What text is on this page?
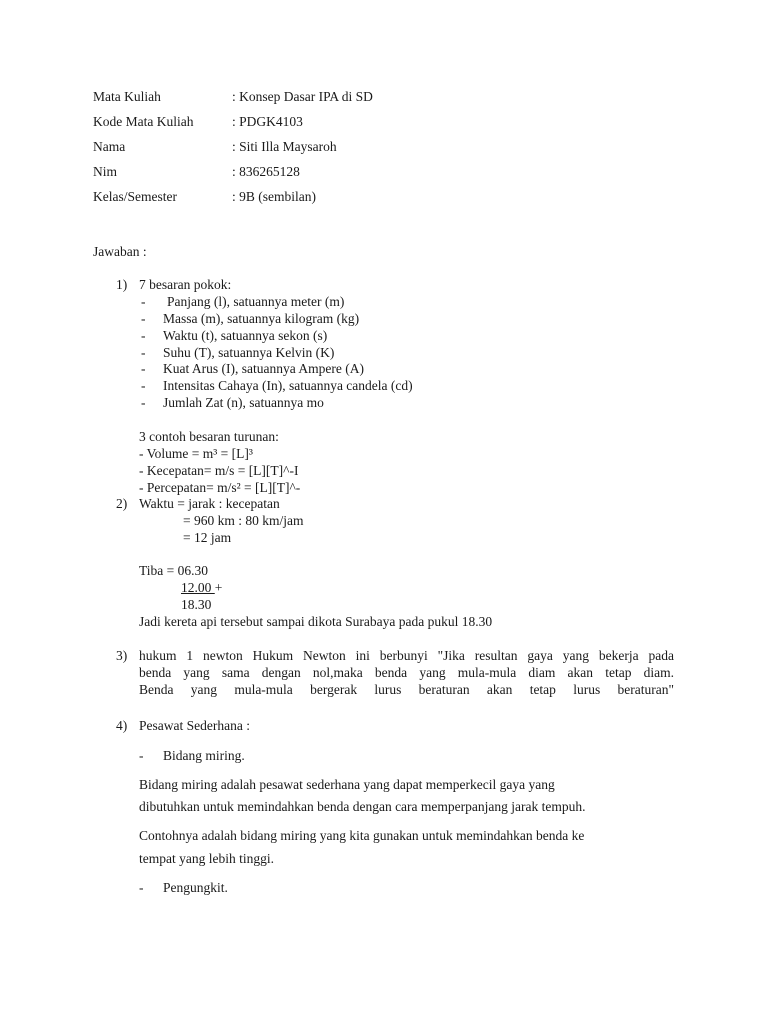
Mata Kuliah	: Konsep Dasar IPA di SD
Kode Mata Kuliah	: PDGK4103
Nama	: Siti Illa Maysaroh
Nim	: 836265128
Kelas/Semester	: 9B (sembilan)
Jawaban :
1) 7 besaran pokok:
- Panjang (l), satuannya meter (m)
- Massa (m), satuannya kilogram (kg)
- Waktu (t), satuannya sekon (s)
- Suhu (T), satuannya Kelvin (K)
- Kuat Arus (I), satuannya Ampere (A)
- Intensitas Cahaya (In), satuannya candela (cd)
- Jumlah Zat (n), satuannya mo
3 contoh besaran turunan:
- Volume = m³ = [L]³
- Kecepatan= m/s = [L][T]^-I
- Percepatan= m/s² = [L][T]^-
2) Waktu = jarak : kecepatan
= 960 km : 80 km/jam
= 12 jam
Tiba = 06.30
12.00 +
18.30
Jadi kereta api tersebut sampai dikota Surabaya pada pukul 18.30
3) hukum 1 newton Hukum Newton ini berbunyi "Jika resultan gaya yang bekerja pada
benda yang sama dengan nol,maka benda yang mula-mula diam akan tetap diam.
Benda yang mula-mula bergerak lurus beraturan akan tetap lurus beraturan"
4) Pesawat Sederhana :
- Bidang miring.
Bidang miring adalah pesawat sederhana yang dapat memperkecil gaya yang
dibutuhkan untuk memindahkan benda dengan cara memperpanjang jarak tempuh.
Contohnya adalah bidang miring yang kita gunakan untuk memindahkan benda ke
tempat yang lebih tinggi.
- Pengungkit.
